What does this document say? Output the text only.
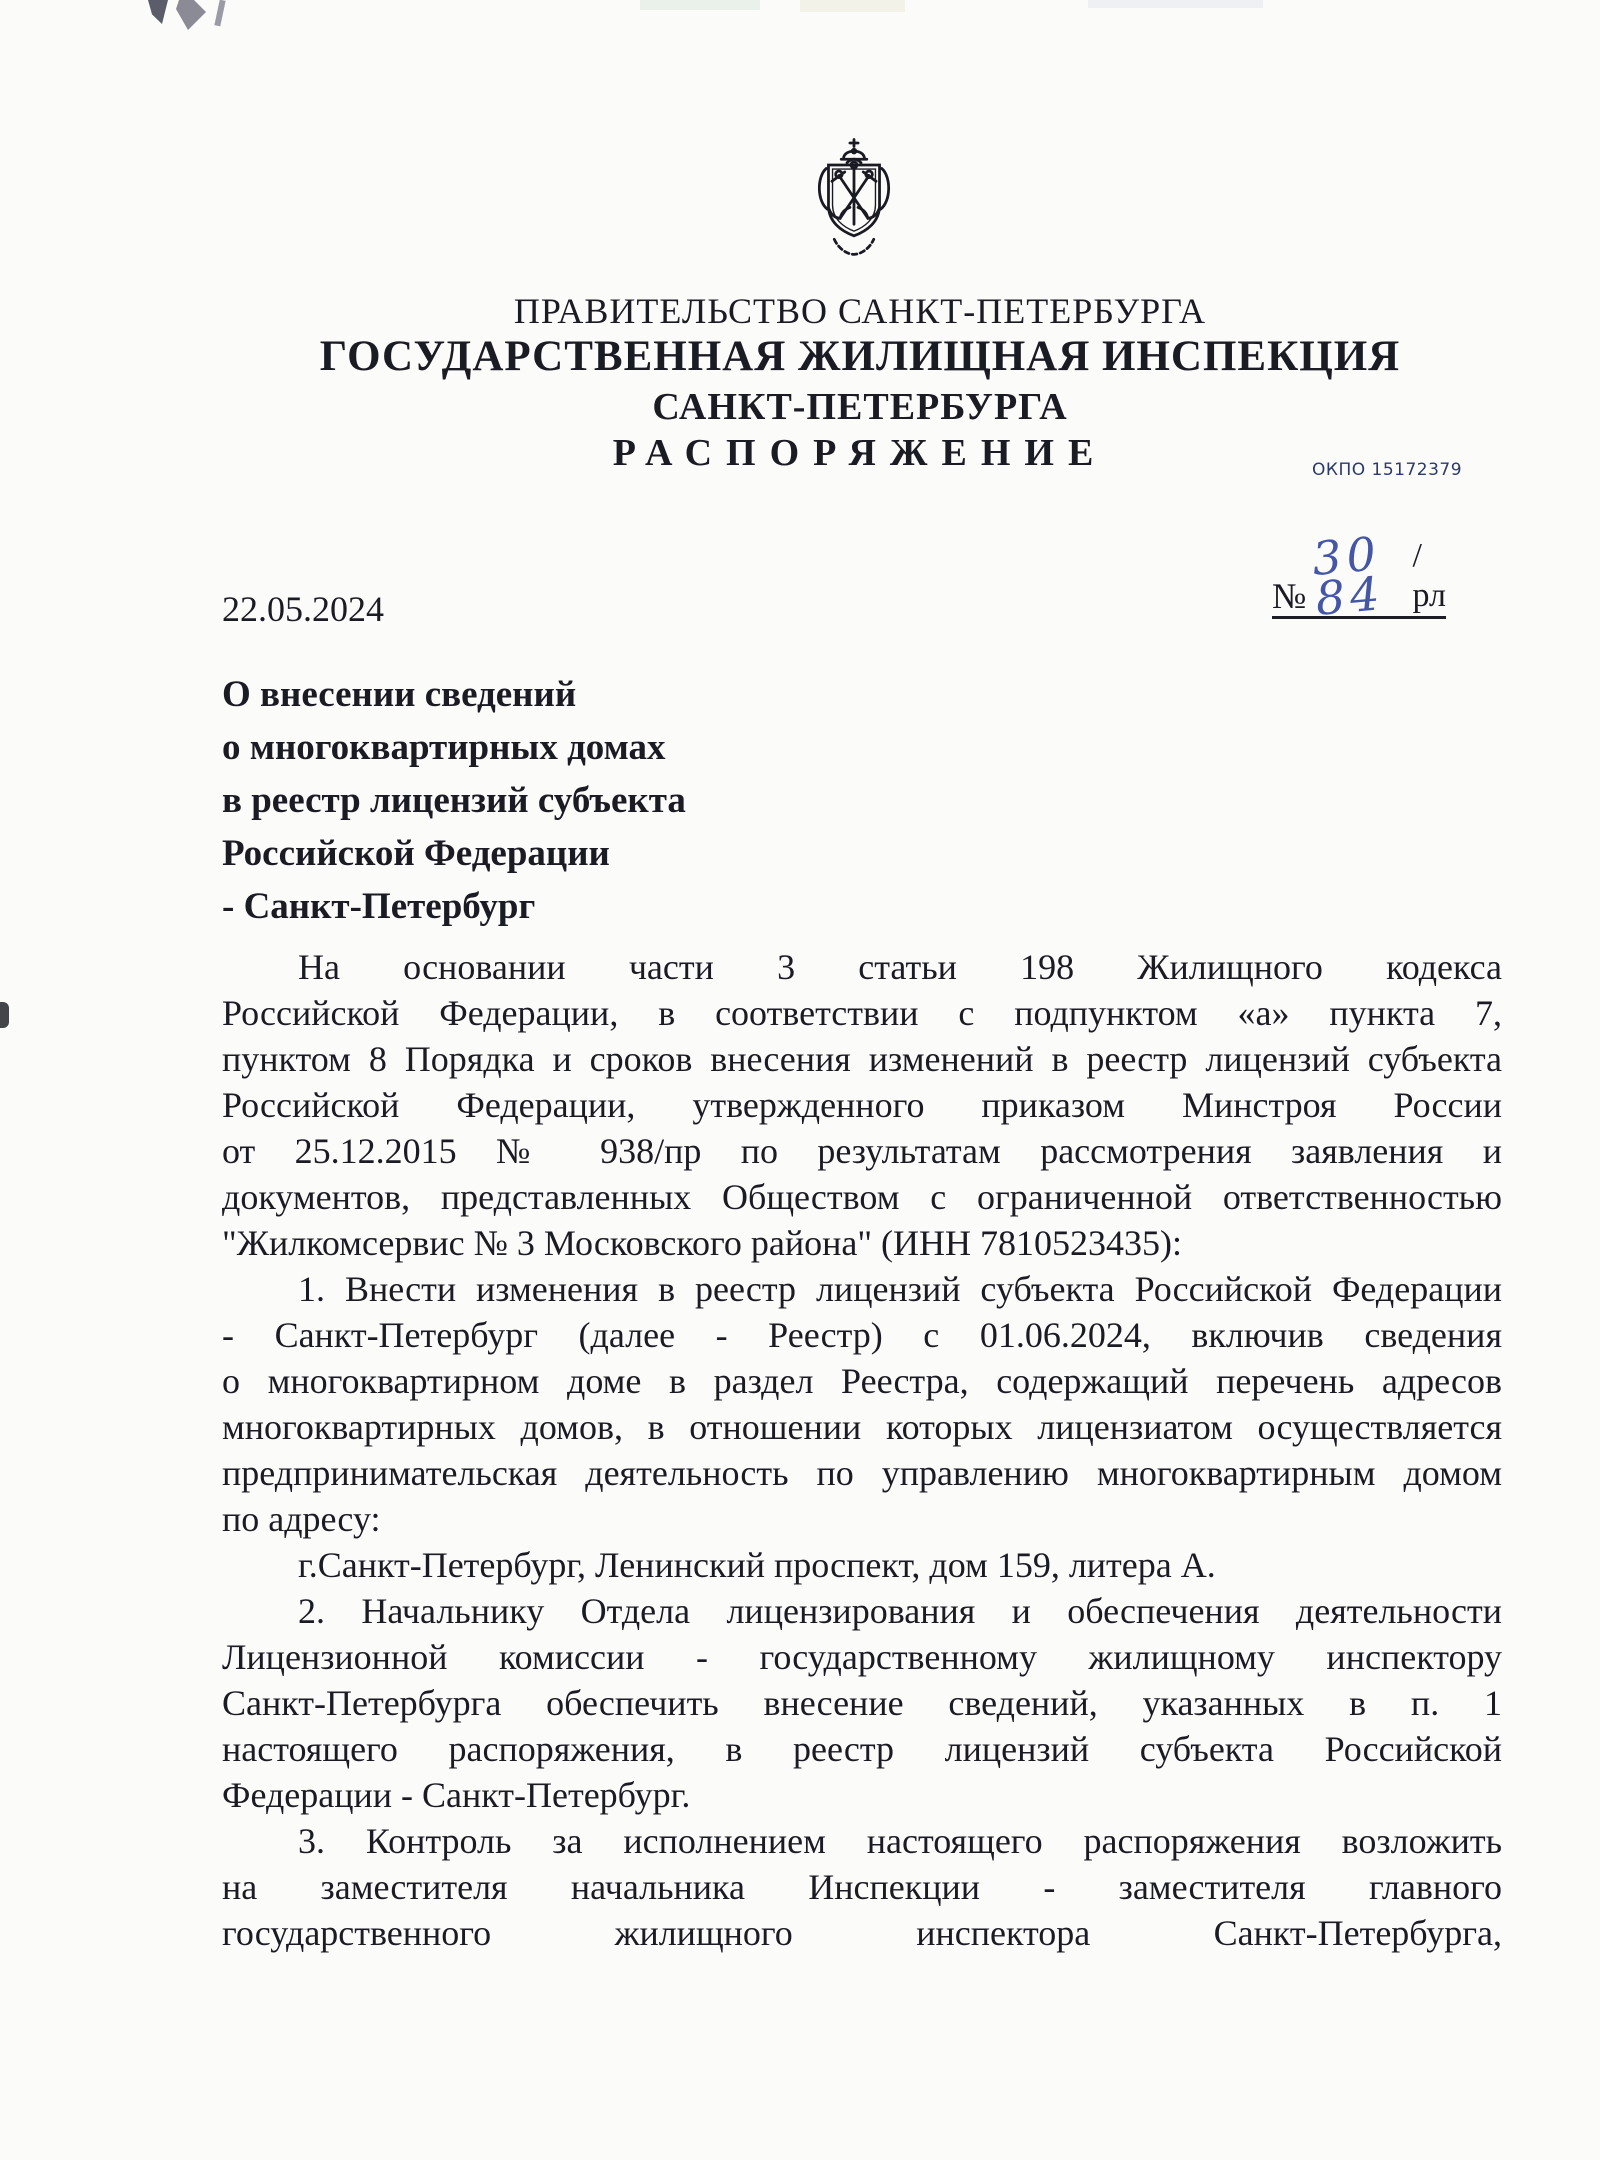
ПРАВИТЕЛЬСТВО САНКТ-ПЕТЕРБУРГА
ГОСУДАРСТВЕННАЯ ЖИЛИЩНАЯ ИНСПЕКЦИЯ
САНКТ-ПЕТЕРБУРГА
РАСПОРЯЖЕНИЕ	ОКПО 15172379
22.05.2024	№
30 84
/рл
О внесении сведений
о многоквартирных домах
в реестр лицензий субъекта
Российской Федерации
- Санкт-Петербург
На основании части 3 статьи 198 Жилищного кодекса
Российской Федерации, в соответствии с подпунктом «а» пункта 7,
пунктом 8 Порядка и сроков внесения изменений в реестр лицензий субъекта
Российской Федерации, утвержденного приказом Минстроя России
от 25.12.2015 № 938/пр по результатам рассмотрения заявления и
документов, представленных Обществом с ограниченной ответственностью
"Жилкомсервис № 3 Московского района" (ИНН 7810523435):
1. Внести изменения в реестр лицензий субъекта Российской Федерации
- Санкт-Петербург (далее - Реестр) с 01.06.2024, включив сведения
о многоквартирном доме в раздел Реестра, содержащий перечень адресов
многоквартирных домов, в отношении которых лицензиатом осуществляется
предпринимательская деятельность по управлению многоквартирным домом
по адресу:
г.Санкт-Петербург, Ленинский проспект, дом 159, литера А.
2. Начальнику Отдела лицензирования и обеспечения деятельности
Лицензионной комиссии - государственному жилищному инспектору
Санкт-Петербурга обеспечить внесение сведений, указанных в п. 1
настоящего распоряжения, в реестр лицензий субъекта Российской
Федерации - Санкт-Петербург.
3. Контроль за исполнением настоящего распоряжения возложить
на заместителя начальника Инспекции - заместителя главного
государственного жилищного инспектора Санкт-Петербурга,
